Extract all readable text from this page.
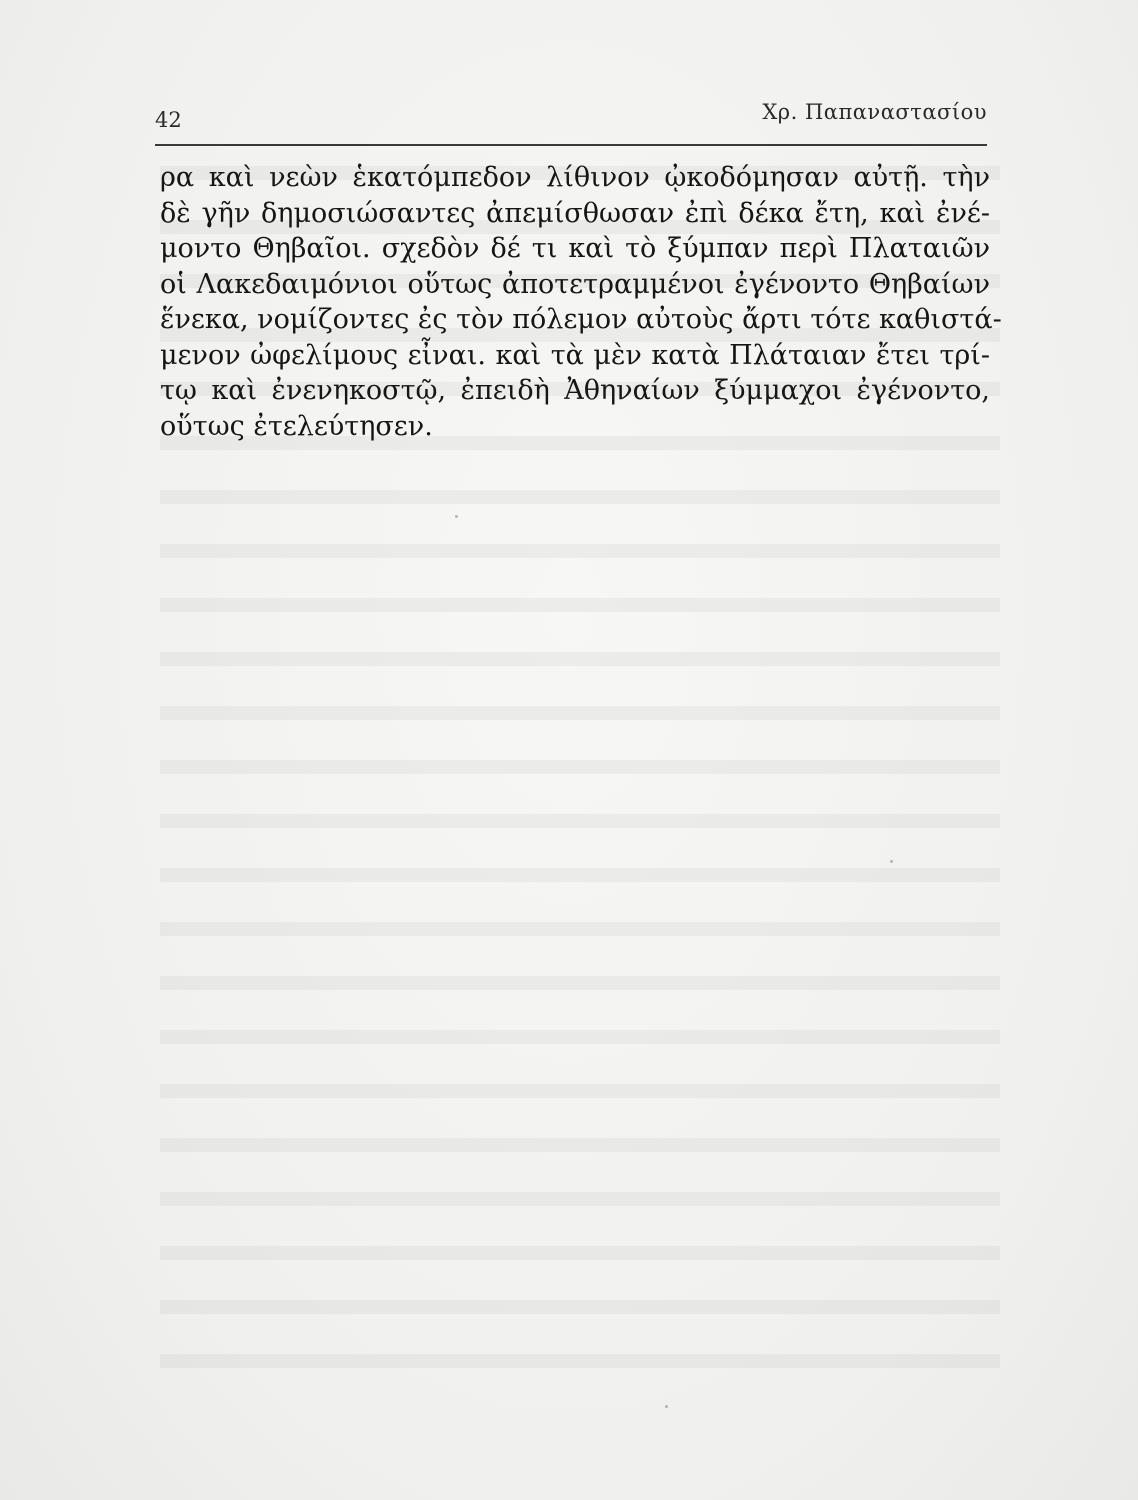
42	Χρ. Παπαναστασίου
ρα καὶ νεὼν ἑκατόμπεδον λίθινον ᾠκοδόμησαν αὐτῇ. τὴν
δὲ γῆν δημοσιώσαντες ἀπεμίσθωσαν ἐπὶ δέκα ἔτη, καὶ ἐνέ-
μοντο Θηβαῖοι. σχεδὸν δέ τι καὶ τὸ ξύμπαν περὶ Πλαταιῶν
οἱ Λακεδαιμόνιοι οὕτως ἀποτετραμμένοι ἐγένοντο Θηβαίων
ἕνεκα, νομίζοντες ἐς τὸν πόλεμον αὐτοὺς ἄρτι τότε καθιστά-
μενον ὠφελίμους εἶναι. καὶ τὰ μὲν κατὰ Πλάταιαν ἔτει τρί-
τῳ καὶ ἐνενηκοστῷ, ἐπειδὴ Ἀθηναίων ξύμμαχοι ἐγένοντο,
οὕτως ἐτελεύτησεν.
